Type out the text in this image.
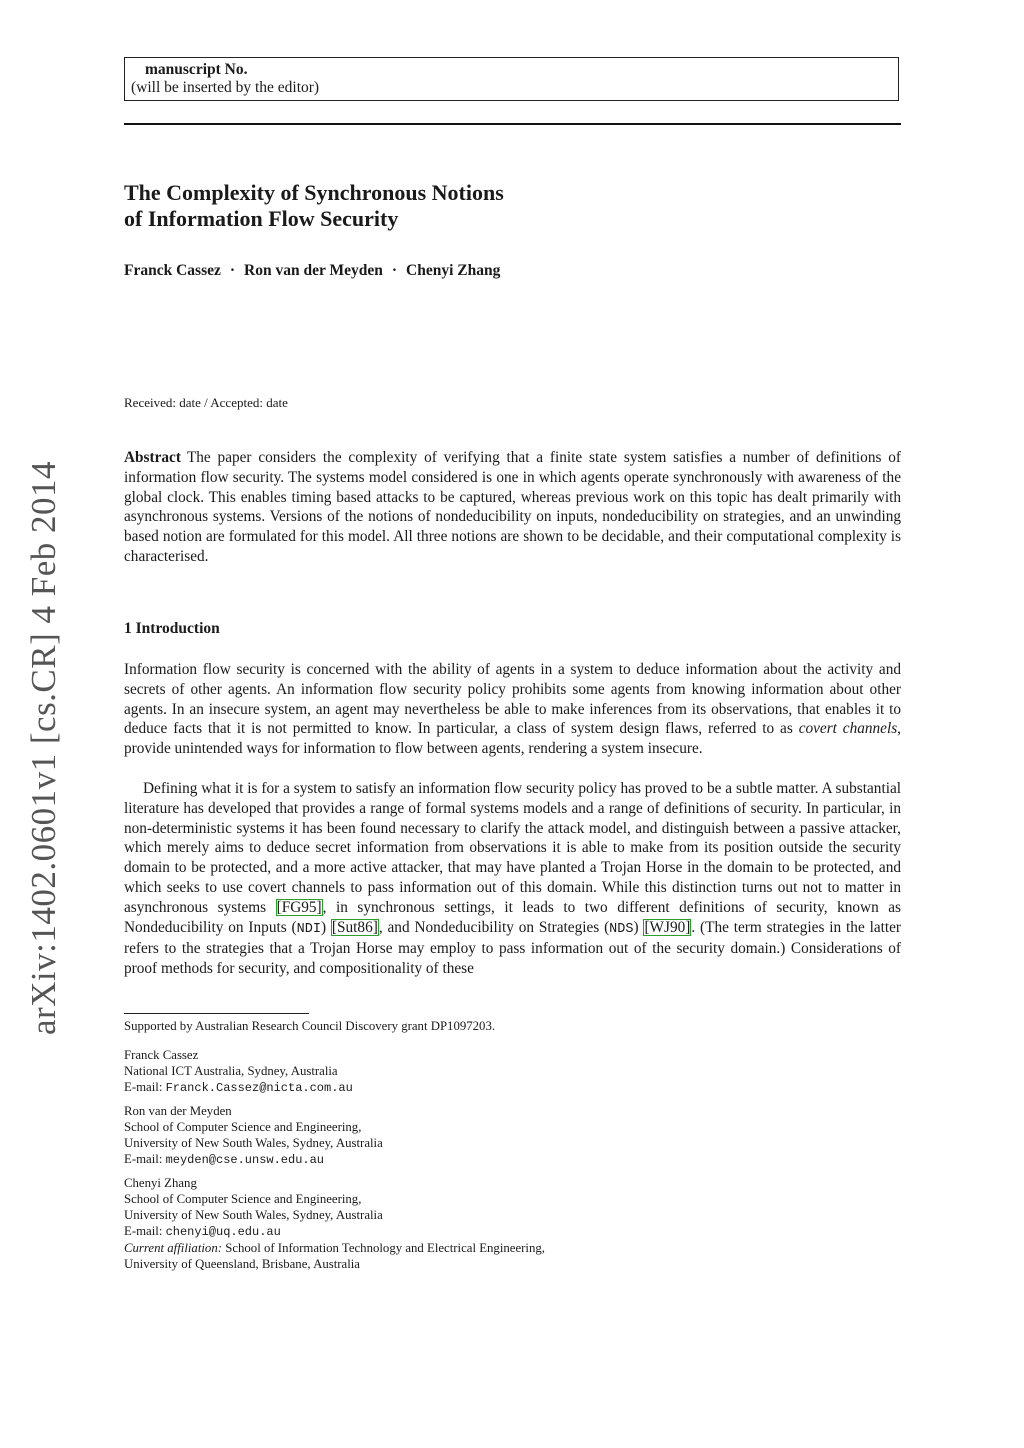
arXiv:1402.0601v1 [cs.CR] 4 Feb 2014
manuscript No.
(will be inserted by the editor)
The Complexity of Synchronous Notions
of Information Flow Security
Franck Cassez · Ron van der Meyden · Chenyi Zhang
Received: date / Accepted: date

Abstract The paper considers the complexity of verifying that a finite state system satisfies a number of definitions of information flow security. The systems model considered is one in which agents operate synchronously with awareness of the global clock. This enables timing based attacks to be captured, whereas previous work on this topic has dealt primarily with asynchronous systems. Versions of the notions of nondeducibility on inputs, nondeducibility on strategies, and an unwinding based notion are formulated for this model. All three notions are shown to be decidable, and their computational complexity is characterised.

1 Introduction

Information flow security is concerned with the ability of agents in a system to deduce information about the activity and secrets of other agents. An information flow security policy prohibits some agents from knowing information about other agents. In an insecure system, an agent may nevertheless be able to make inferences from its observations, that enables it to deduce facts that it is not permitted to know. In particular, a class of system design flaws, referred to as covert channels, provide unintended ways for information to flow between agents, rendering a system insecure.

Defining what it is for a system to satisfy an information flow security policy has proved to be a subtle matter. A substantial literature has developed that provides a range of formal systems models and a range of definitions of security. In particular, in non-deterministic systems it has been found necessary to clarify the attack model, and distinguish between a passive attacker, which merely aims to deduce secret information from observations it is able to make from its position outside the security domain to be protected, and a more active attacker, that may have planted a Trojan Horse in the domain to be protected, and which seeks to use covert channels to pass information out of this domain. While this distinction turns out not to matter in asynchronous systems [FG95], in synchronous settings, it leads to two different definitions of security, known as Nondeducibility on Inputs (NDI) [Sut86], and Nondeducibility on Strategies (NDS) [WJ90]. (The term strategies in the latter refers to the strategies that a Trojan Horse may employ to pass information out of the security domain.) Considerations of proof methods for security, and compositionality of these

Supported by Australian Research Council Discovery grant DP1097203.
Franck Cassez
National ICT Australia, Sydney, Australia
E-mail: Franck.Cassez@nicta.com.au
Ron van der Meyden
School of Computer Science and Engineering,
University of New South Wales, Sydney, Australia
E-mail: meyden@cse.unsw.edu.au
Chenyi Zhang
School of Computer Science and Engineering,
University of New South Wales, Sydney, Australia
E-mail: chenyi@uq.edu.au
Current affiliation: School of Information Technology and Electrical Engineering,
University of Queensland, Brisbane, Australia
